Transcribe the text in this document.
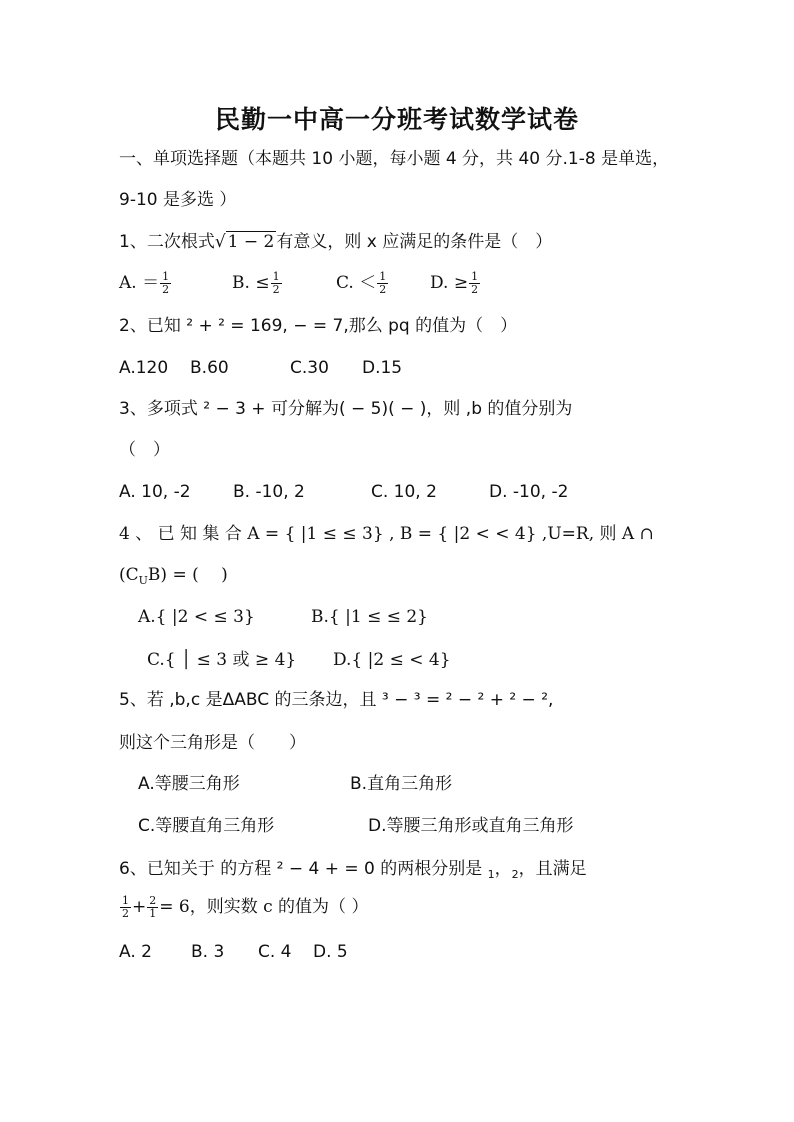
民勤一中高一分班考试数学试卷
一、单项选择题（本题共 10 小题，每小题 4 分，共 40 分.1-8 是单选，
9-10 是多选 ）
1、二次根式√ 1 − 2 有意义，则 x 应满足的条件是（　）
A. ＝ $\frac{1}{2}$	B. ≤ $\frac{1}{2}$	C. ＜ $\frac{1}{2} D$. ≥ $\frac{1}{2}$
2、已知 ² + ² = 169, − = 7,那么 pq 的值为（　）
A.120 B.60	C.30 D.15
3、多项式 ² − 3 + 可分解为( − 5)( − )，则 ,b 的值分别为
（　）
A. 10, -2 B. -10, 2	C. 10, 2	D. -10, -2
4 、 已 知 集 合 A = { |1 ≤ ≤ 3} , B = { |2 < < 4} ,U=R, 则 A ∩
$(C_UB)$ = (　 )
A.{ |2 < ≤ 3}	B.{ |1 ≤ ≤ 2}
C.{ │ ≤ 3 或 ≥ 4} D.{ |2 ≤ < 4}
5、若 ,b,c 是ΔABC 的三条边，且 ³ − ³ = ² − ² + ² − ²,
则这个三角形是（　　）
A.等腰三角形	B.直角三角形
C.等腰直角三角形	D.等腰三角形或直角三角形
6、已知关于 的方程 ² − 4 + = 0 的两根分别是 $_1$，$_2$，且满足
$\frac{1}{2} + \frac{2}{1} = 6$，则实数 c 的值为（ ）
A. 2 B. 3 C. 4 D. 5
